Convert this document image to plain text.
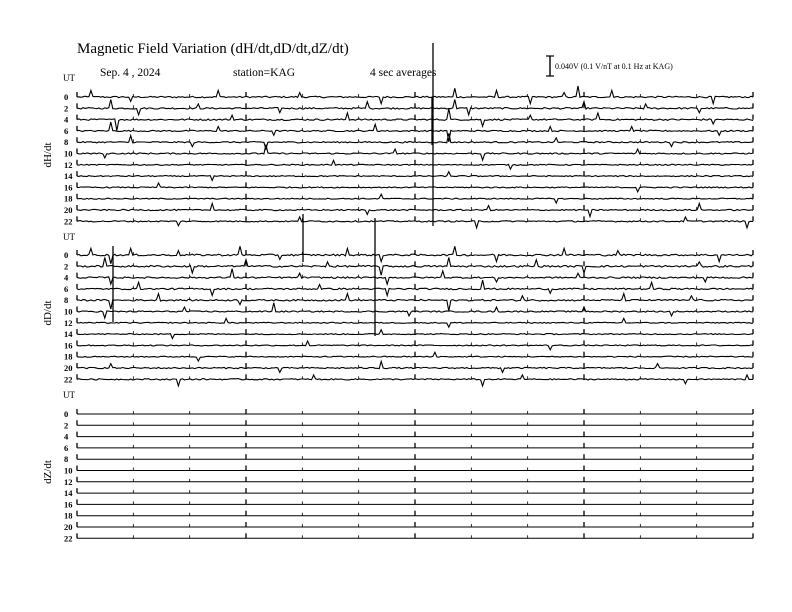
Magnetic Field Variation (dH/dt,dD/dt,dZ/dt)
Sep. 4 , 2024	station=KAG	4 sec averages
0.040V (0.1 V/nT at 0.1 Hz at KAG)
UT
dH/dt
0
2
4
6
8
10
12
14
16
18
20
22
UT
dD/dt
0
2
4
6
8
10
12
14
16
18
20
22
UT
dZ/dt
0
2
4
6
8
10
12
14
16
18
20
22
